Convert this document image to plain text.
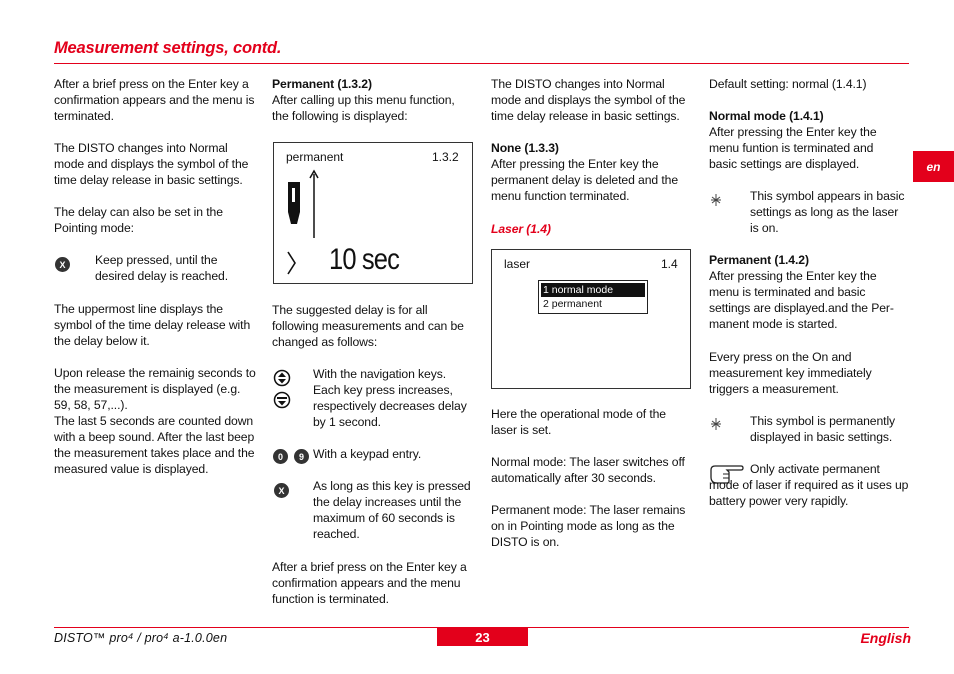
Measurement settings, contd.

After a brief press on the Enter key a confirmation appears and the menu is terminated.

The DISTO changes into Normal mode and displays the symbol of the time delay release in basic settings.

The delay can also be set in the Pointing mode:

X Keep pressed, until the desired delay is reached.

The uppermost line displays the symbol of the time delay release with the delay below it.

Upon release the remainig seconds to the measurement is displayed (e.g. 59, 58, 57,...).

The last 5 seconds are counted down with a beep sound. After the last beep the measurement takes place and the measured value is displayed.

Permanent (1.3.2)

After calling up this menu function, the following is displayed:

permanent	1.3.2
10 sec

The suggested delay is for all following measurements and can be changed as follows:

With the navigation keys. Each key press increases, respectively decreases delay by 1 second.

0 9 With a keypad entry.

X As long as this key is pressed the delay increases until the maximum of 60 seconds is reached.

After a brief press on the Enter key a confirmation appears and the menu function is terminated.

The DISTO changes into Normal mode and displays the symbol of the time delay release in basic settings.

None (1.3.3)

After pressing the Enter key the permanent delay is deleted and the menu function terminated.

Laser (1.4)
laser	1.4
1 normal mode
2 permanent

Here the operational mode of the laser is set.

Normal mode: The laser switches off automatically after 30 seconds.

Permanent mode: The laser remains on in Pointing mode as long as the DISTO is on.

Default setting: normal (1.4.1)

Normal mode (1.4.1)

After pressing the Enter key the menu funtion is terminated and basic settings are displayed.

This symbol appears in basic settings as long as the laser is on.

Permanent (1.4.2)

After pressing the Enter key the menu is terminated and basic settings are displayed.and the Per-manent mode is started.

Every press on the On and measurement key immediately triggers a measurement.

This symbol is permanently displayed in basic settings.

Only activate permanent mode of laser if required as it uses up battery power very rapidly.

en
DISTO™ pro⁴ / pro⁴ a-1.0.0en	23	English
